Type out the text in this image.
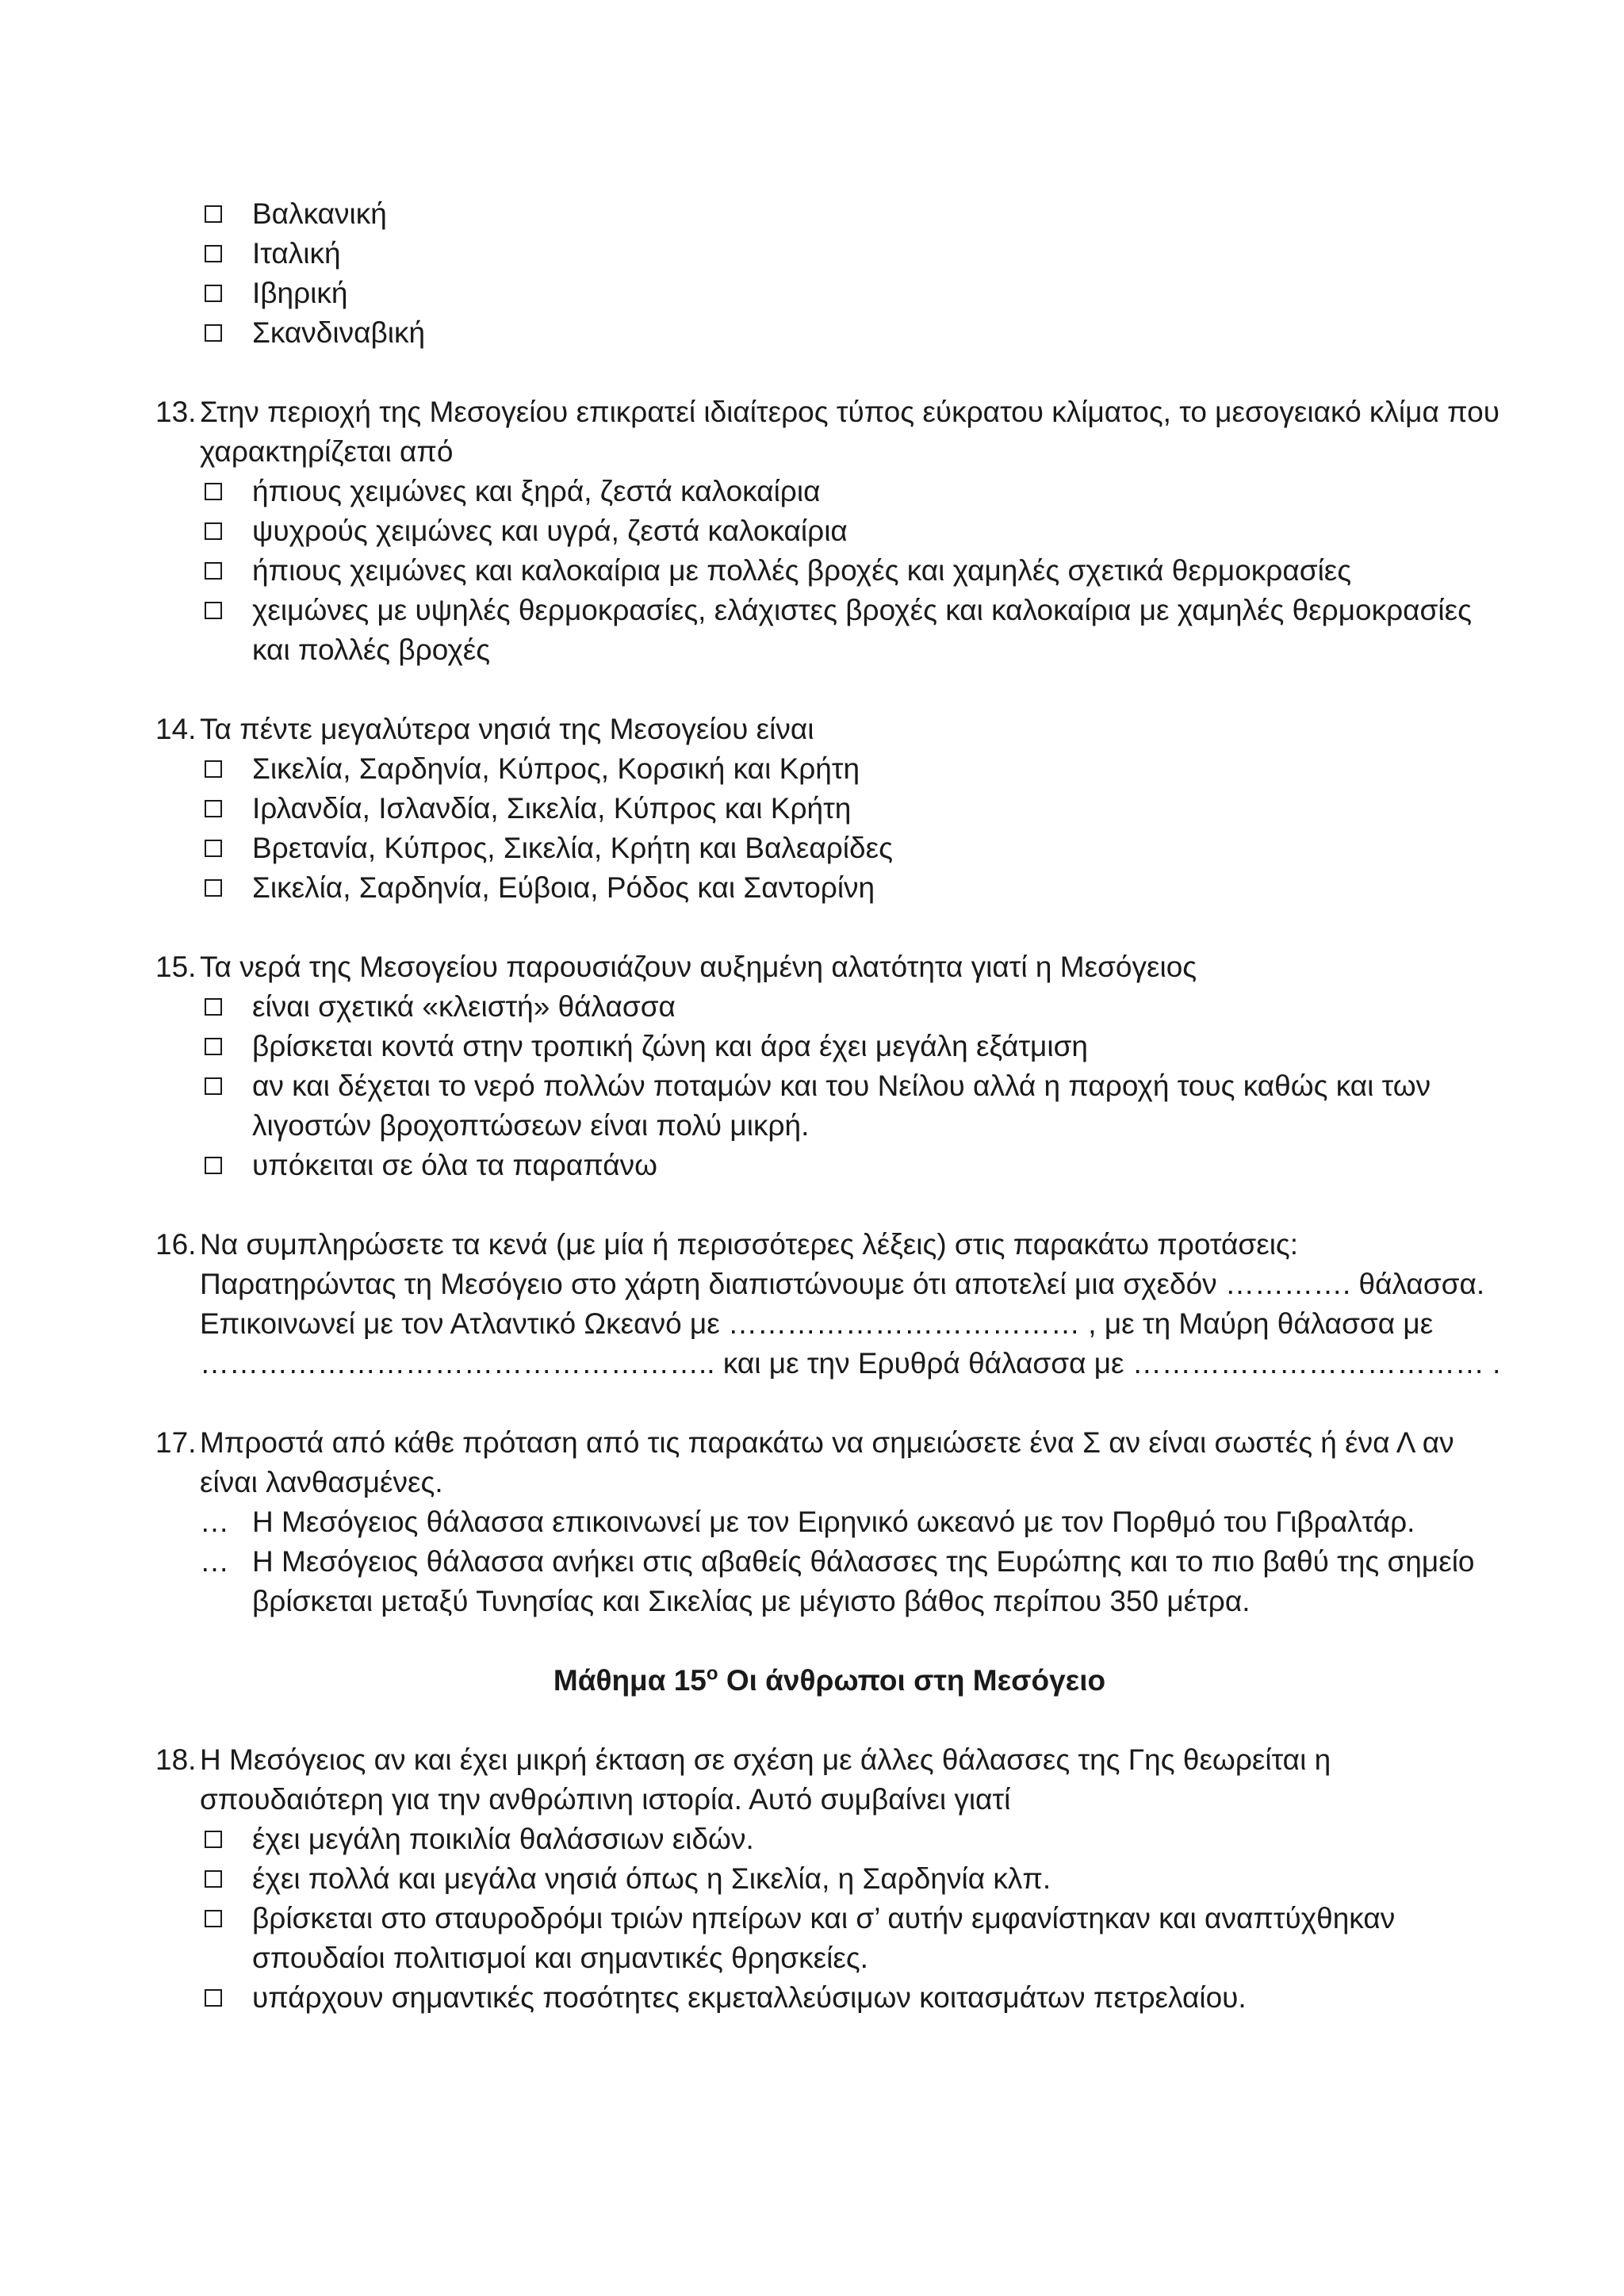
Βαλκανική
Ιταλική
Ιβηρική
Σκανδιναβική
13. Στην περιοχή της Μεσογείου επικρατεί ιδιαίτερος τύπος εύκρατου κλίματος, το μεσογειακό κλίμα που χαρακτηρίζεται από
ήπιους χειμώνες και ξηρά, ζεστά καλοκαίρια
ψυχρούς χειμώνες και υγρά, ζεστά καλοκαίρια
ήπιους χειμώνες και καλοκαίρια με πολλές βροχές και χαμηλές σχετικά θερμοκρασίες
χειμώνες με υψηλές θερμοκρασίες, ελάχιστες βροχές και καλοκαίρια με χαμηλές θερμοκρασίες και πολλές βροχές
14. Τα πέντε μεγαλύτερα νησιά της Μεσογείου είναι
Σικελία, Σαρδηνία, Κύπρος, Κορσική και Κρήτη
Ιρλανδία, Ισλανδία, Σικελία, Κύπρος και Κρήτη
Βρετανία, Κύπρος, Σικελία, Κρήτη και Βαλεαρίδες
Σικελία, Σαρδηνία, Εύβοια, Ρόδος και Σαντορίνη
15. Τα νερά της Μεσογείου παρουσιάζουν αυξημένη αλατότητα γιατί η Μεσόγειος
είναι σχετικά «κλειστή» θάλασσα
βρίσκεται κοντά στην τροπική ζώνη και άρα έχει μεγάλη εξάτμιση
αν και δέχεται το νερό πολλών ποταμών και του Νείλου αλλά η παροχή τους καθώς και των λιγοστών βροχοπτώσεων είναι πολύ μικρή.
υπόκειται σε όλα τα παραπάνω
16. Να συμπληρώσετε τα κενά (με μία ή περισσότερες λέξεις) στις παρακάτω προτάσεις:
Παρατηρώντας τη Μεσόγειο στο χάρτη διαπιστώνουμε ότι αποτελεί μια σχεδόν …………. θάλασσα. Επικοινωνεί με τον Ατλαντικό Ωκεανό με ……………………………… , με τη Μαύρη θάλασσα με …………………………………………….. και με την Ερυθρά θάλασσα με ……………………………… .
17. Μπροστά από κάθε πρόταση από τις παρακάτω να σημειώσετε ένα Σ αν είναι σωστές ή ένα Λ αν είναι λανθασμένες.
… Η Μεσόγειος θάλασσα επικοινωνεί με τον Ειρηνικό ωκεανό με τον Πορθμό του Γιβραλτάρ.
… Η Μεσόγειος θάλασσα ανήκει στις αβαθείς θάλασσες της Ευρώπης και το πιο βαθύ της σημείο βρίσκεται μεταξύ Τυνησίας και Σικελίας με μέγιστο βάθος περίπου 350 μέτρα.
Μάθημα $15^o$ Οι άνθρωποι στη Μεσόγειο
18. Η Μεσόγειος αν και έχει μικρή έκταση σε σχέση με άλλες θάλασσες της Γης θεωρείται η σπουδαιότερη για την ανθρώπινη ιστορία. Αυτό συμβαίνει γιατί
έχει μεγάλη ποικιλία θαλάσσιων ειδών.
έχει πολλά και μεγάλα νησιά όπως η Σικελία, η Σαρδηνία κλπ.
βρίσκεται στο σταυροδρόμι τριών ηπείρων και σ’ αυτήν εμφανίστηκαν και αναπτύχθηκαν σπουδαίοι πολιτισμοί και σημαντικές θρησκείες.
υπάρχουν σημαντικές ποσότητες εκμεταλλεύσιμων κοιτασμάτων πετρελαίου.
